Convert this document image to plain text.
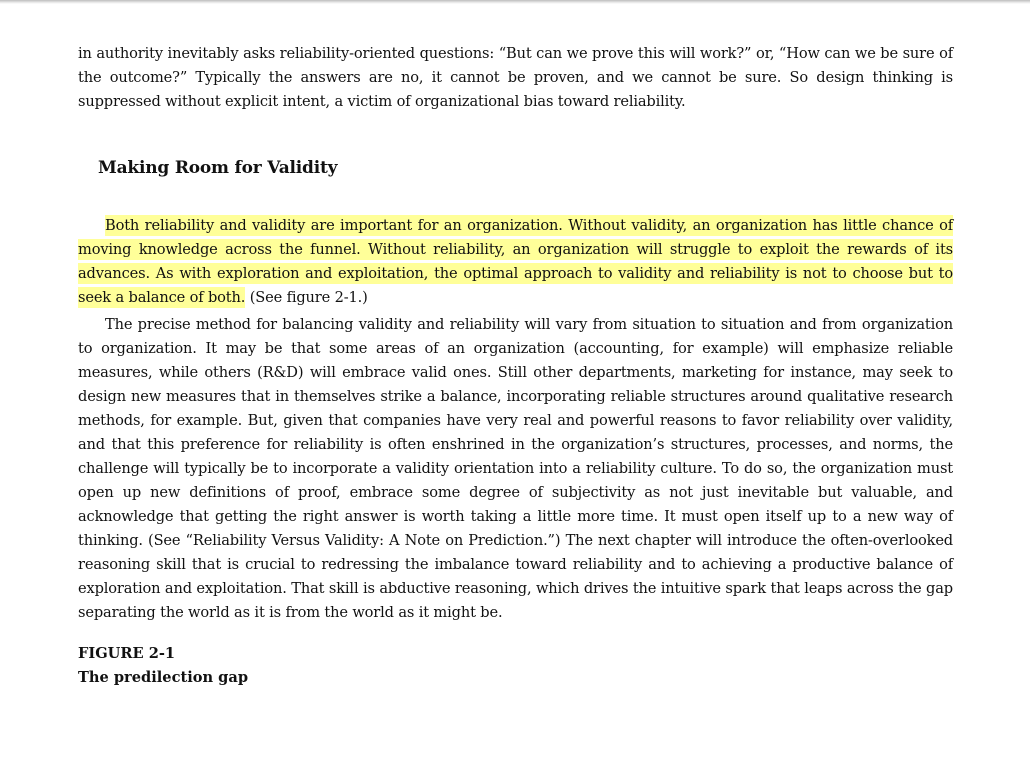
in authority inevitably asks reliability-oriented questions: “But can we prove this will work?” or, “How can we be sure of the outcome?” Typically the answers are no, it cannot be proven, and we cannot be sure. So design thinking is suppressed without explicit intent, a victim of organizational bias toward reliability.

Making Room for Validity

Both reliability and validity are important for an organization. Without validity, an organization has little chance of moving knowledge across the funnel. Without reliability, an organization will struggle to exploit the rewards of its advances. As with exploration and exploitation, the optimal approach to validity and reliability is not to choose but to seek a balance of both. (See figure 2-1.)

The precise method for balancing validity and reliability will vary from situation to situation and from organization to organization. It may be that some areas of an organization (accounting, for example) will emphasize reliable measures, while others (R&D) will embrace valid ones. Still other departments, marketing for instance, may seek to design new measures that in themselves strike a balance, incorporating reliable structures around qualitative research methods, for example. But, given that companies have very real and powerful reasons to favor reliability over validity, and that this preference for reliability is often enshrined in the organization’s structures, processes, and norms, the challenge will typically be to incorporate a validity orientation into a reliability culture. To do so, the organization must open up new definitions of proof, embrace some degree of subjectivity as not just inevitable but valuable, and acknowledge that getting the right answer is worth taking a little more time. It must open itself up to a new way of thinking. (See “Reliability Versus Validity: A Note on Prediction.”) The next chapter will introduce the often-overlooked reasoning skill that is crucial to redressing the imbalance toward reliability and to achieving a productive balance of exploration and exploitation. That skill is abductive reasoning, which drives the intuitive spark that leaps across the gap separating the world as it is from the world as it might be.

FIGURE 2-1

The predilection gap
